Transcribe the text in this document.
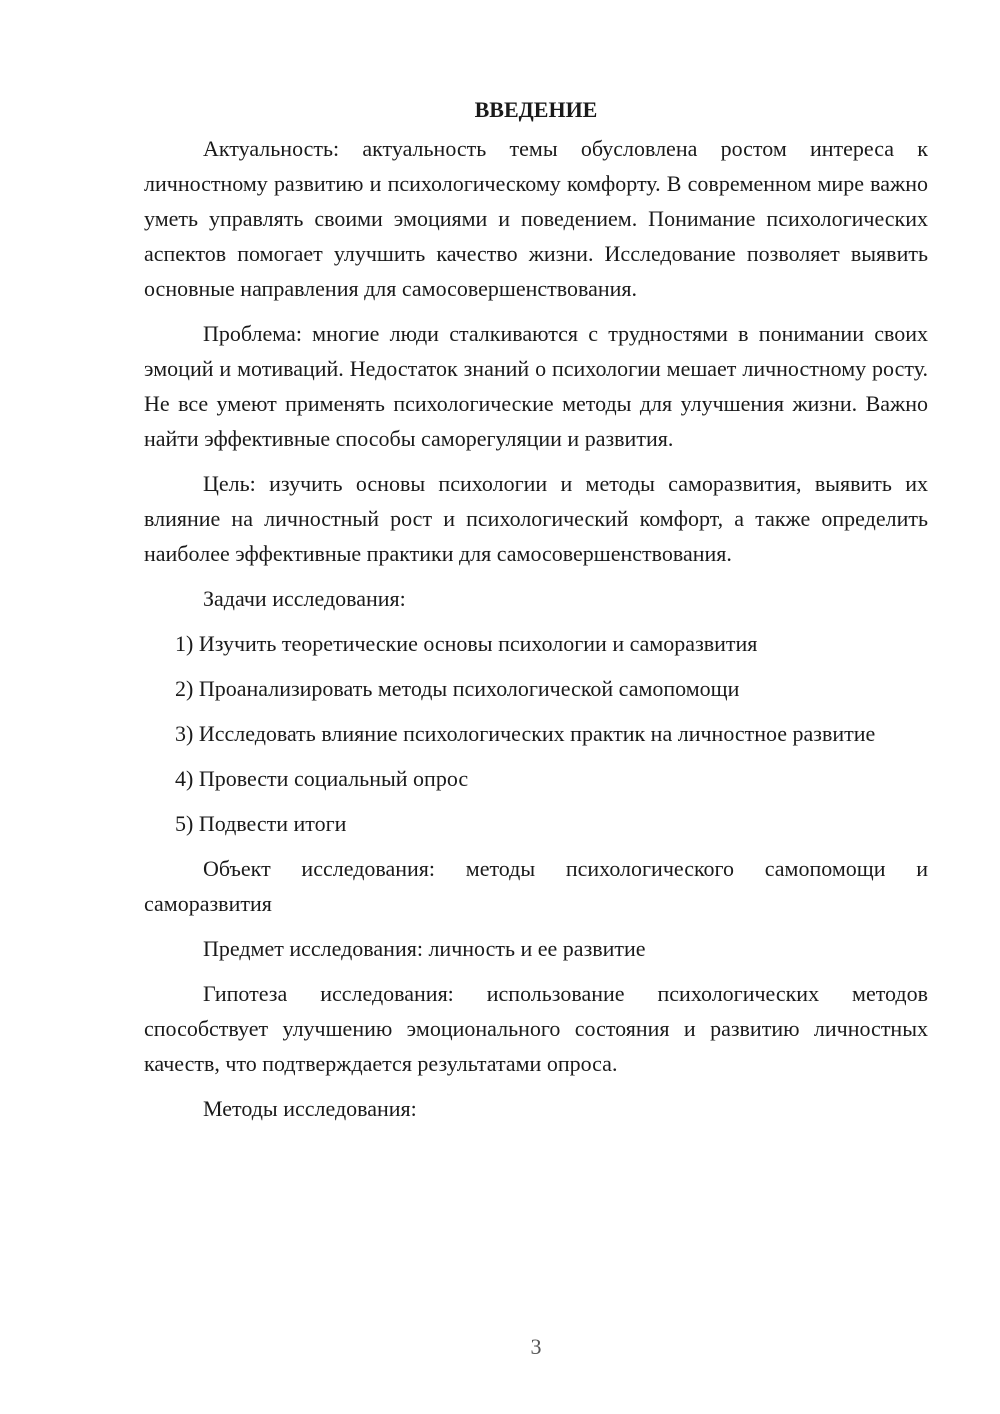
ВВЕДЕНИЕ

Актуальность: актуальность темы обусловлена ростом интереса к личностному развитию и психологическому комфорту. В современном мире важно уметь управлять своими эмоциями и поведением. Понимание психологических аспектов помогает улучшить качество жизни. Исследование позволяет выявить основные направления для самосовершенствования.

Проблема: многие люди сталкиваются с трудностями в понимании своих эмоций и мотиваций. Недостаток знаний о психологии мешает личностному росту. Не все умеют применять психологические методы для улучшения жизни. Важно найти эффективные способы саморегуляции и развития.

Цель: изучить основы психологии и методы саморазвития, выявить их влияние на личностный рост и психологический комфорт, а также определить наиболее эффективные практики для самосовершенствования.

Задачи исследования:

1) Изучить теоретические основы психологии и саморазвития

2) Проанализировать методы психологической самопомощи

3) Исследовать влияние психологических практик на личностное развитие

4) Провести социальный опрос

5) Подвести итоги

Объект исследования: методы психологического самопомощи и саморазвития

Предмет исследования: личность и ее развитие

Гипотеза исследования: использование психологических методов способствует улучшению эмоционального состояния и развитию личностных качеств, что подтверждается результатами опроса.

Методы исследования:

3
